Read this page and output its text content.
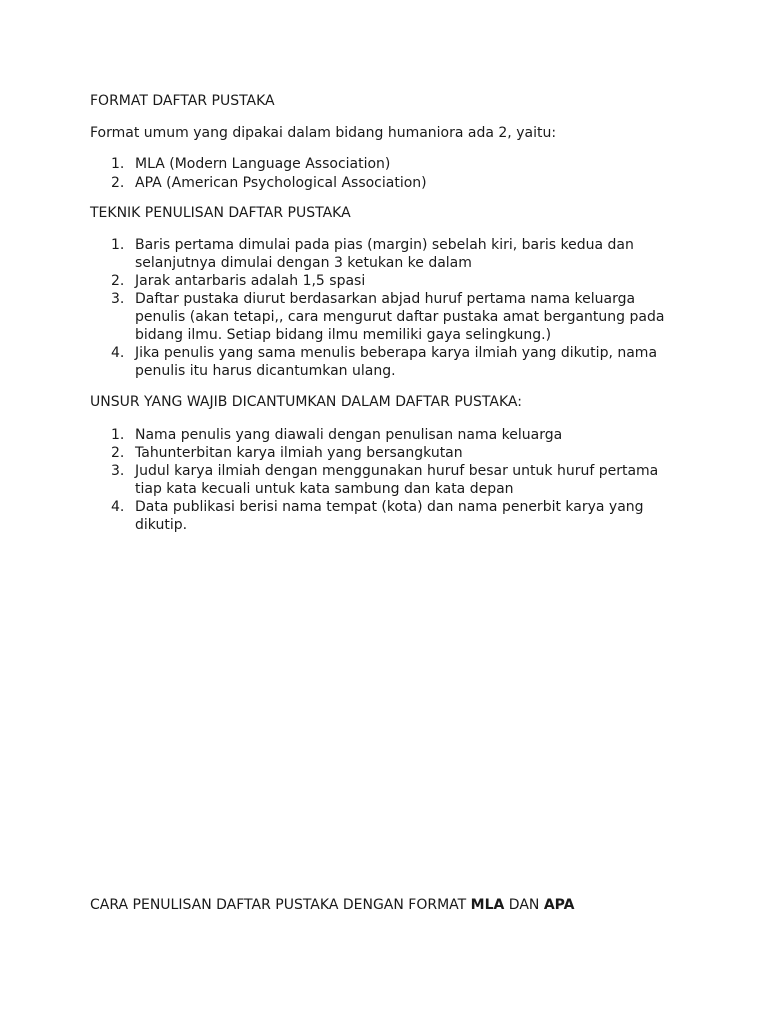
FORMAT DAFTAR PUSTAKA

Format umum yang dipakai dalam bidang humaniora ada 2, yaitu:

1. MLA (Modern Language Association)
2. APA (American Psychological Association)

TEKNIK PENULISAN DAFTAR PUSTAKA

1. Baris pertama dimulai pada pias (margin) sebelah kiri, baris kedua dan selanjutnya dimulai dengan 3 ketukan ke dalam
2. Jarak antarbaris adalah 1,5 spasi
3. Daftar pustaka diurut berdasarkan abjad huruf pertama nama keluarga penulis (akan tetapi,, cara mengurut daftar pustaka amat bergantung pada bidang ilmu. Setiap bidang ilmu memiliki gaya selingkung.)
4. Jika penulis yang sama menulis beberapa karya ilmiah yang dikutip, nama penulis itu harus dicantumkan ulang.

UNSUR YANG WAJIB DICANTUMKAN DALAM DAFTAR PUSTAKA:

1. Nama penulis yang diawali dengan penulisan nama keluarga
2. Tahunterbitan karya ilmiah yang bersangkutan
3. Judul karya ilmiah dengan menggunakan huruf besar untuk huruf pertama tiap kata kecuali untuk kata sambung dan kata depan
4. Data publikasi berisi nama tempat (kota) dan nama penerbit karya yang dikutip.

CARA PENULISAN DAFTAR PUSTAKA DENGAN FORMAT MLA DAN APA
